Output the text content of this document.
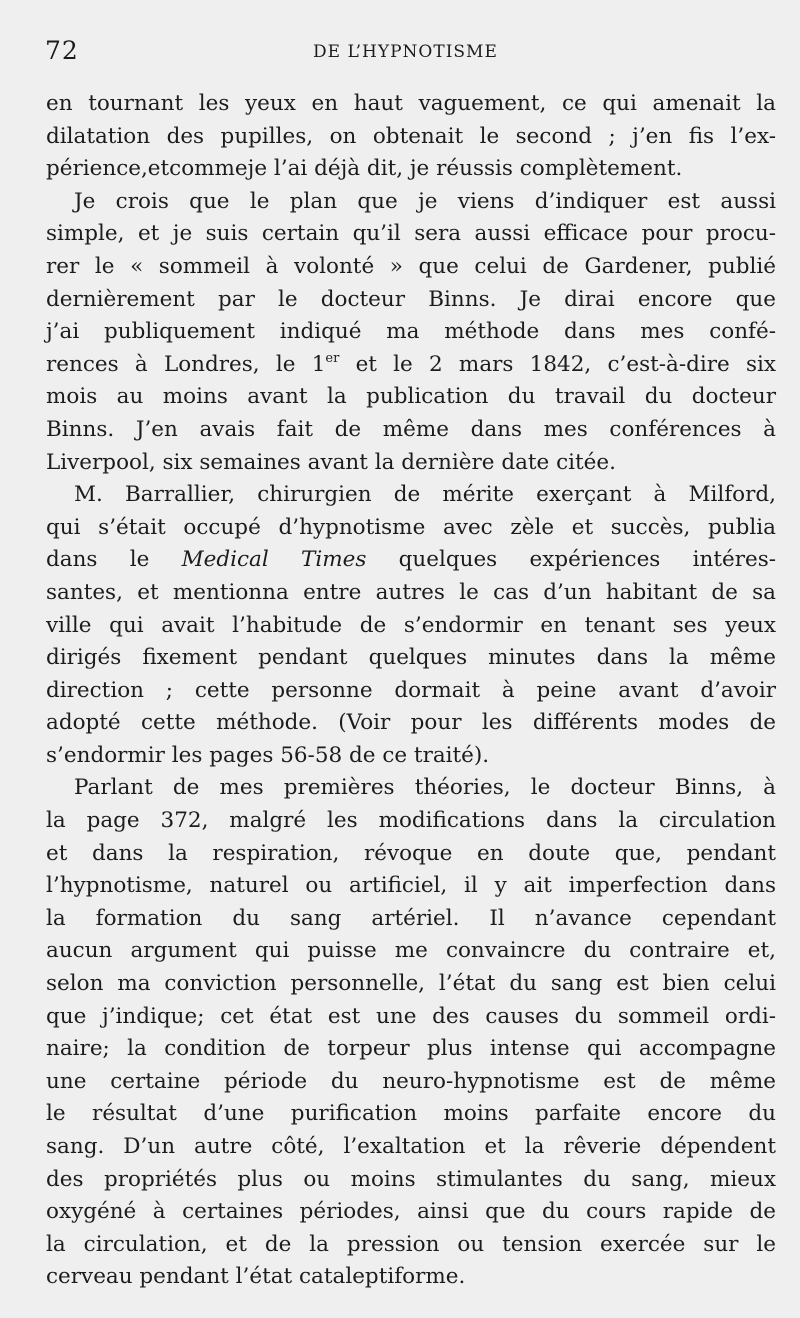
72	DE L’HYPNOTISME
en tournant les yeux en haut vaguement, ce qui amenait la
dilatation des pupilles, on obtenait le second ; j’en fis l’ex-
périence,etcommeje l’ai déjà dit, je réussis complètement.
Je crois que le plan que je viens d’indiquer est aussi
simple, et je suis certain qu’il sera aussi efficace pour procu-
rer le « sommeil à volonté » que celui de Gardener, publié
dernièrement par le docteur Binns. Je dirai encore que
j’ai publiquement indiqué ma méthode dans mes confé-
rences à Londres, le 1er et le 2 mars 1842, c’est-à-dire six
mois au moins avant la publication du travail du docteur
Binns. J’en avais fait de même dans mes conférences à
Liverpool, six semaines avant la dernière date citée.
M. Barrallier, chirurgien de mérite exerçant à Milford,
qui s’était occupé d’hypnotisme avec zèle et succès, publia
dans le Medical Times quelques expériences intéres-
santes, et mentionna entre autres le cas d’un habitant de sa
ville qui avait l’habitude de s’endormir en tenant ses yeux
dirigés fixement pendant quelques minutes dans la même
direction ; cette personne dormait à peine avant d’avoir
adopté cette méthode. (Voir pour les différents modes de
s’endormir les pages 56-58 de ce traité).
Parlant de mes premières théories, le docteur Binns, à
la page 372, malgré les modifications dans la circulation
et dans la respiration, révoque en doute que, pendant
l’hypnotisme, naturel ou artificiel, il y ait imperfection dans
la formation du sang artériel. Il n’avance cependant
aucun argument qui puisse me convaincre du contraire et,
selon ma conviction personnelle, l’état du sang est bien celui
que j’indique; cet état est une des causes du sommeil ordi-
naire; la condition de torpeur plus intense qui accompagne
une certaine période du neuro-hypnotisme est de même
le résultat d’une purification moins parfaite encore du
sang. D’un autre côté, l’exaltation et la rêverie dépendent
des propriétés plus ou moins stimulantes du sang, mieux
oxygéné à certaines périodes, ainsi que du cours rapide de
la circulation, et de la pression ou tension exercée sur le
cerveau pendant l’état cataleptiforme.
